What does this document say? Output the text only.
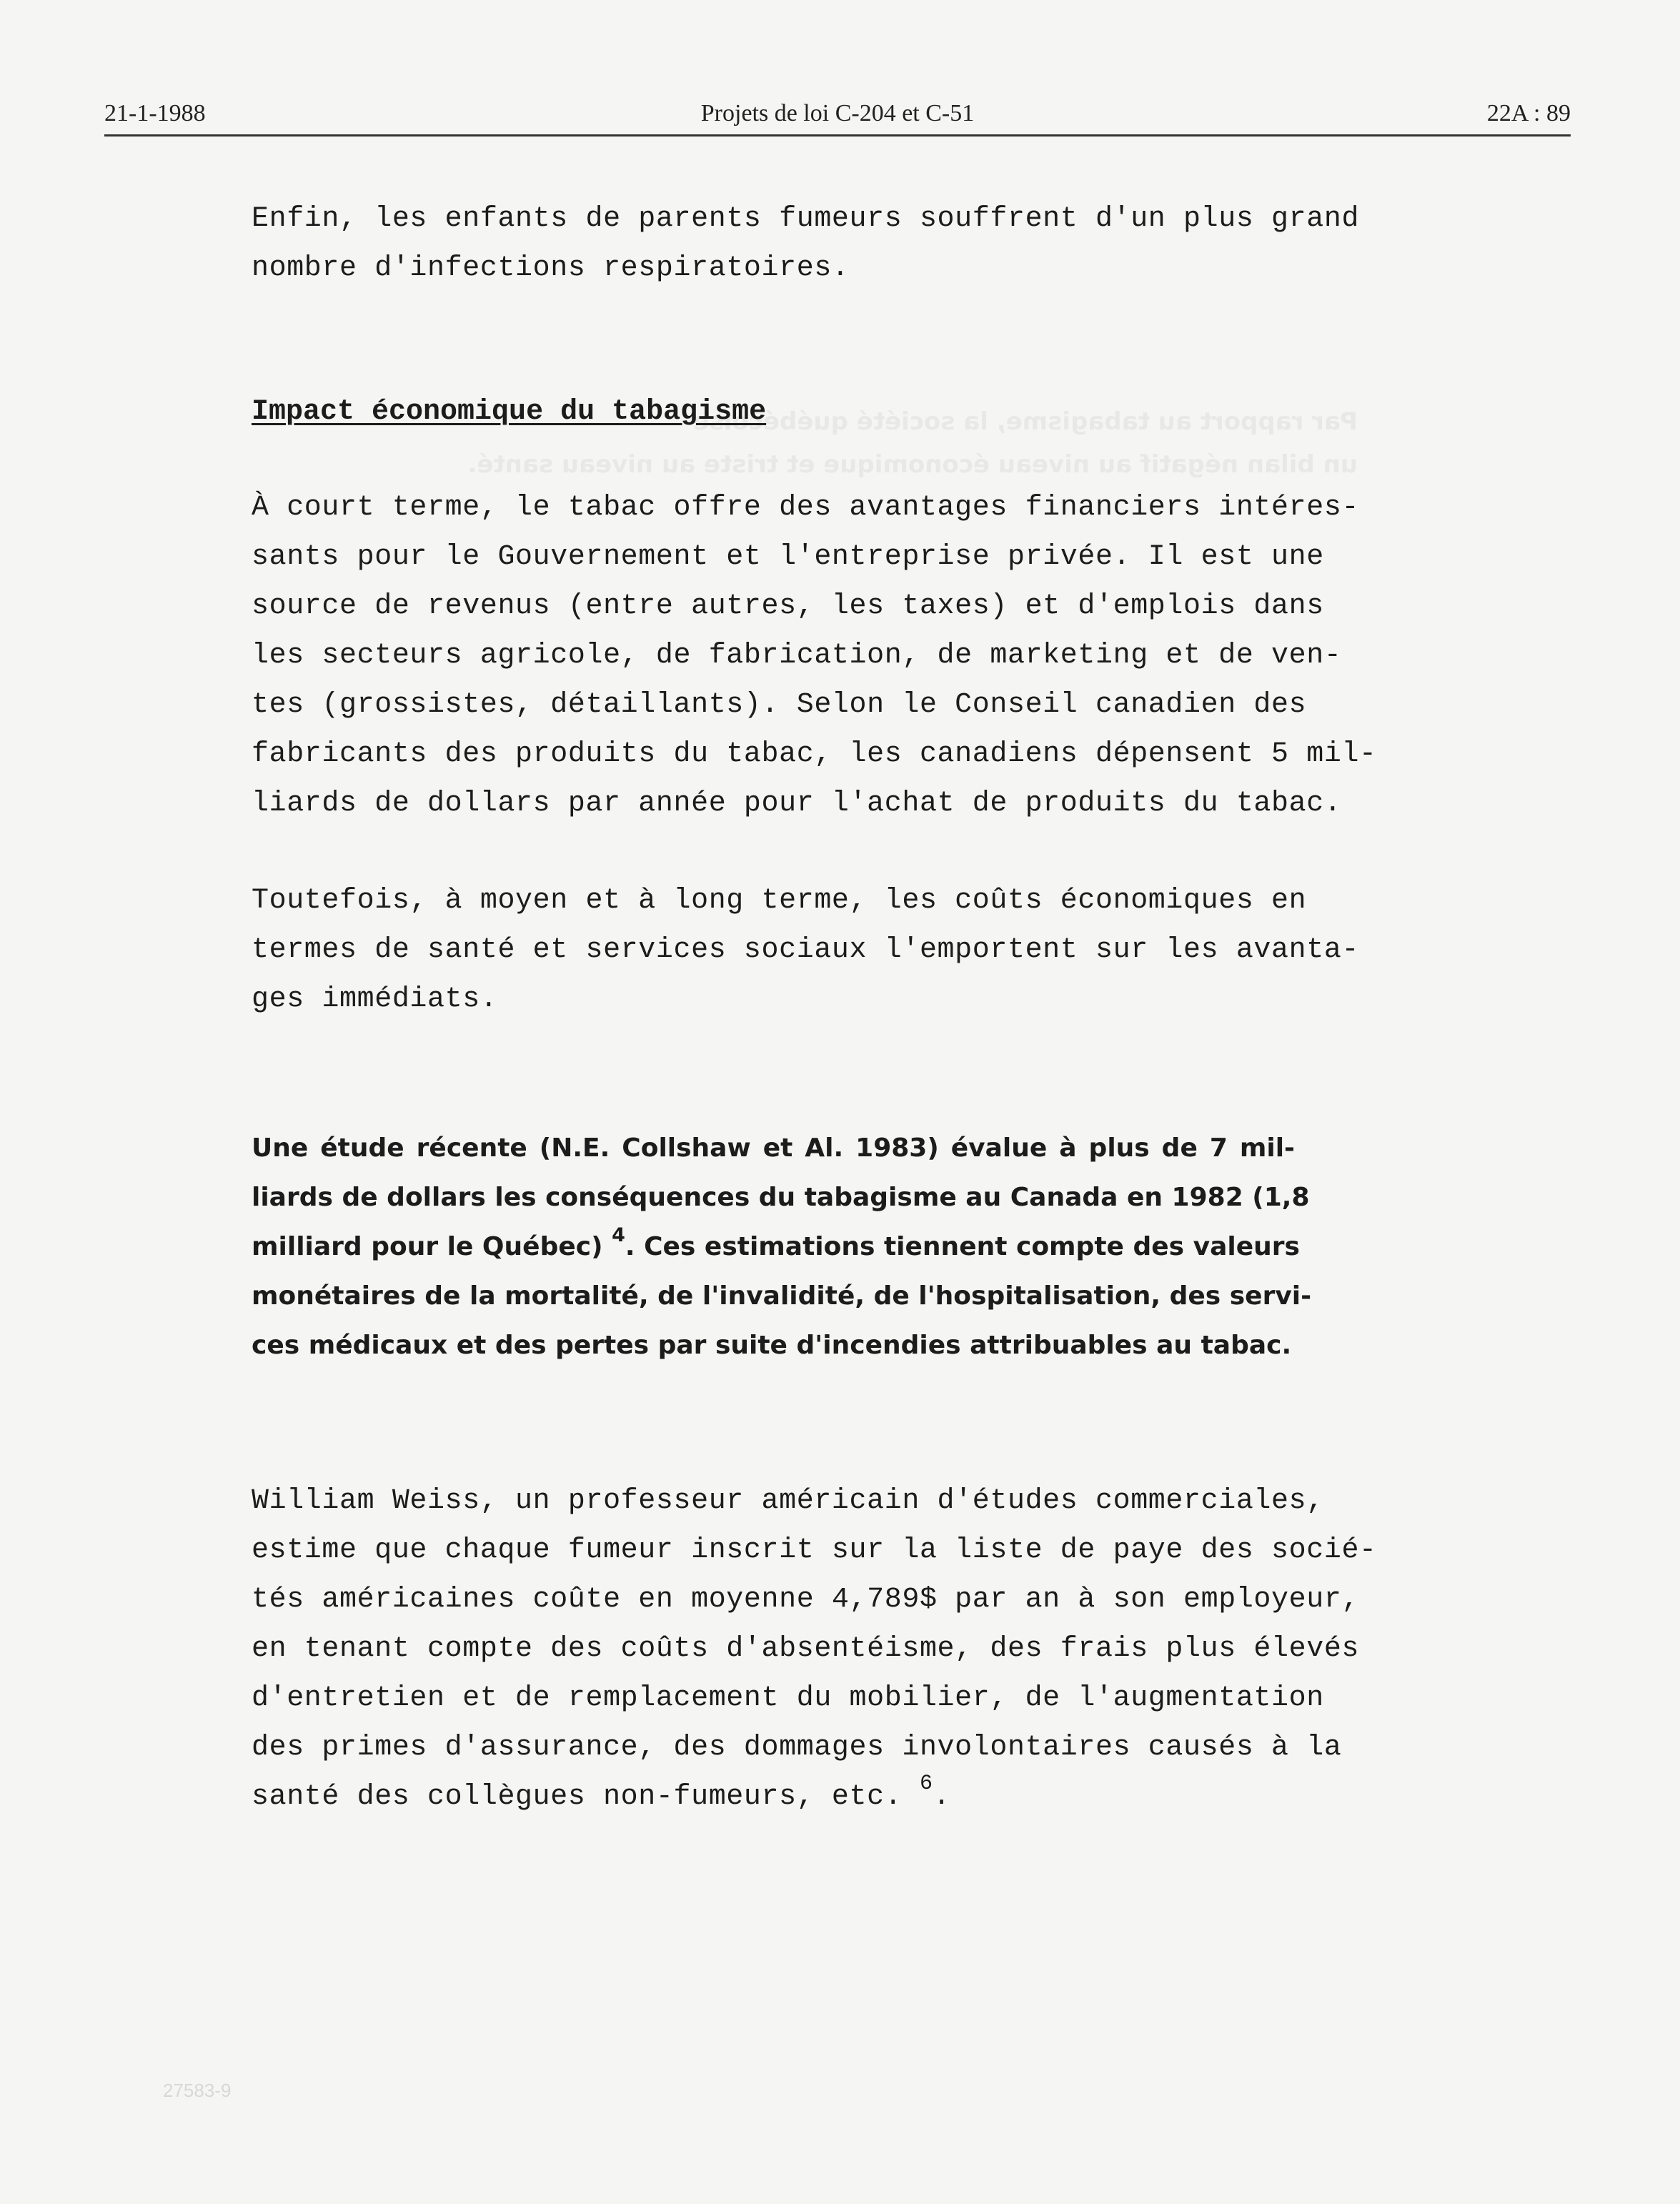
Par rapport au tabagisme, la société québécoise
un bilan négatif au niveau économique et triste au niveau santé.
21-1-1988	Projets de loi C-204 et C-51	22A : 89
Enfin, les enfants de parents fumeurs souffrent d'un plus grand
nombre d'infections respiratoires.
Impact économique du tabagisme
À court terme, le tabac offre des avantages financiers intéres-
sants pour le Gouvernement et l'entreprise privée. Il est une
source de revenus (entre autres, les taxes) et d'emplois dans
les secteurs agricole, de fabrication, de marketing et de ven-
tes (grossistes, détaillants). Selon le Conseil canadien des
fabricants des produits du tabac, les canadiens dépensent 5 mil-
liards de dollars par année pour l'achat de produits du tabac.
Toutefois, à moyen et à long terme, les coûts économiques en
termes de santé et services sociaux l'emportent sur les avanta-
ges immédiats.
Une étude récente (N.E. Collshaw et Al. 1983) évalue à plus de 7 mil-
liards de dollars les conséquences du tabagisme au Canada en 1982 (1,8
milliard pour le Québec) $^4$. Ces estimations tiennent compte des valeurs
monétaires de la mortalité, de l'invalidité, de l'hospitalisation, des servi-
ces médicaux et des pertes par suite d'incendies attribuables au tabac.
William Weiss, un professeur américain d'études commerciales,
estime que chaque fumeur inscrit sur la liste de paye des socié-
tés américaines coûte en moyenne 4,789$ par an à son employeur,
en tenant compte des coûts d'absentéisme, des frais plus élevés
d'entretien et de remplacement du mobilier, de l'augmentation
des primes d'assurance, des dommages involontaires causés à la
santé des collègues non-fumeurs, etc. $^6$.
27583-9
